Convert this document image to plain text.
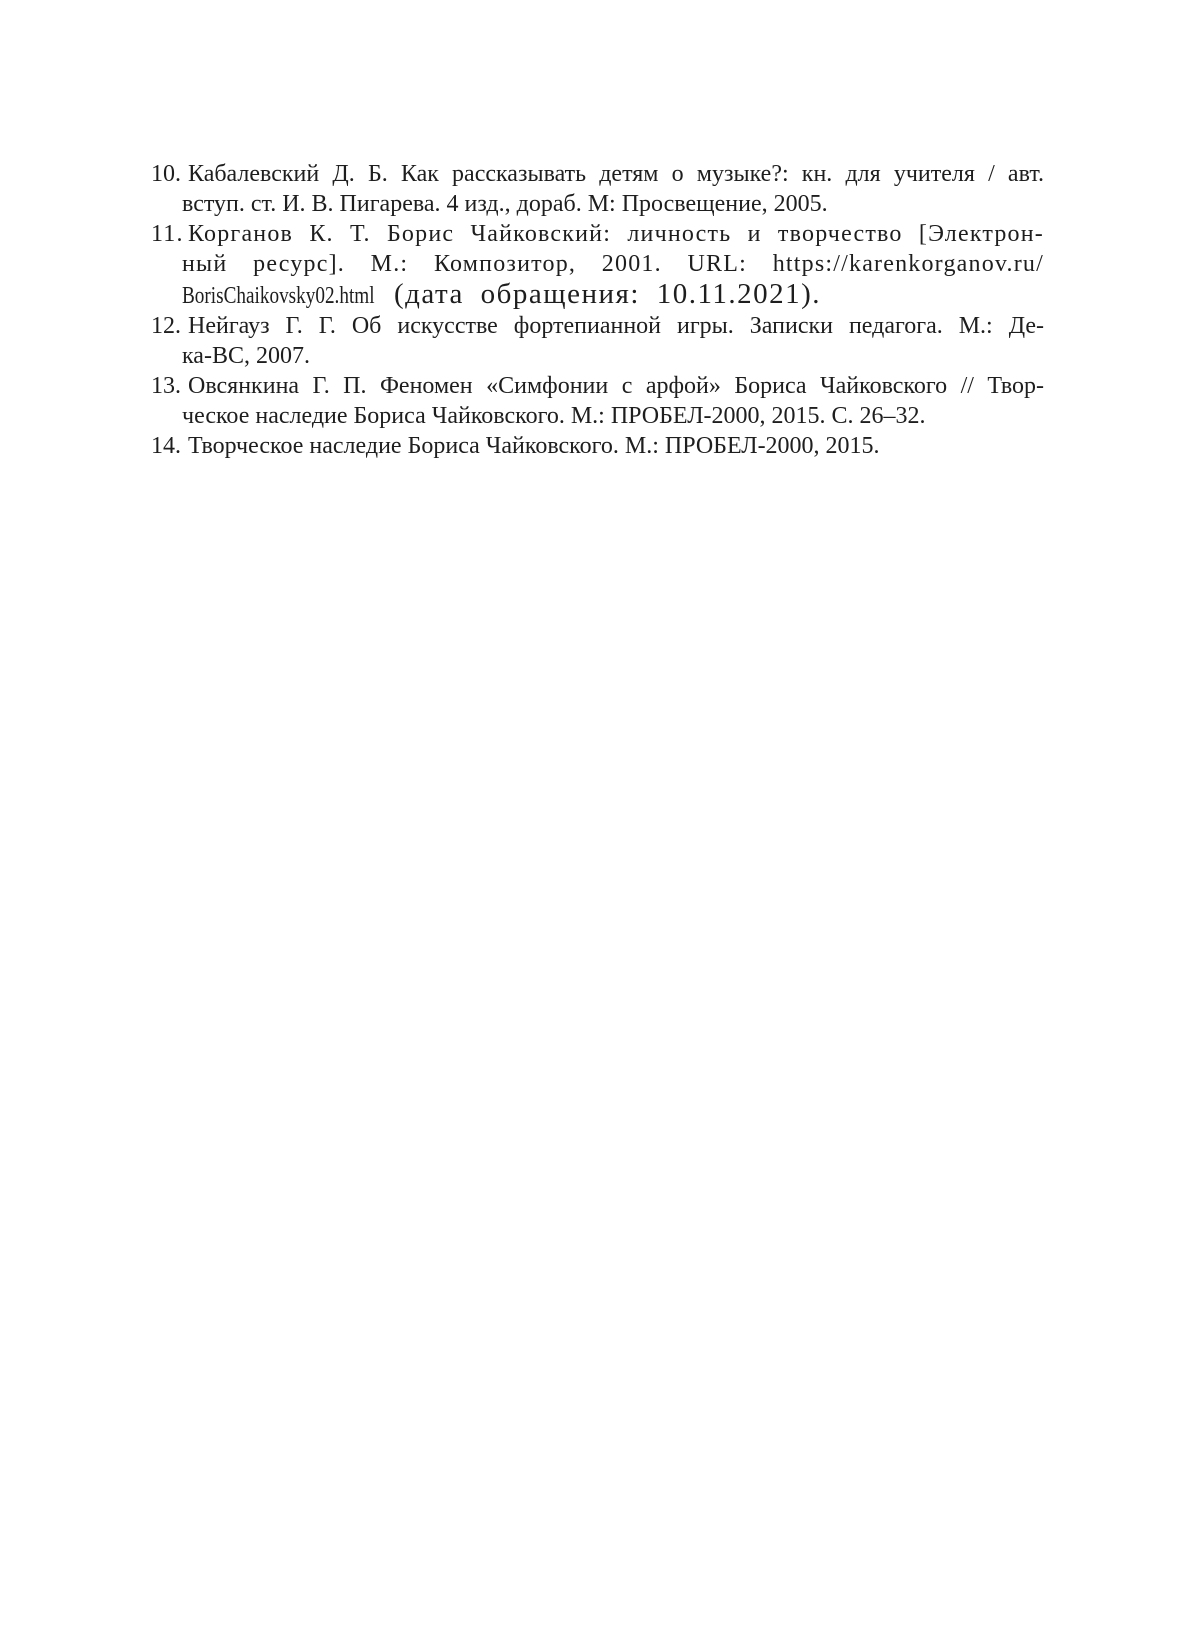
10. Кабалевский Д. Б. Как рассказывать детям о музыке?: кн. для учителя / авт.
вступ. ст. И. В. Пигарева. 4 изд., дораб. М: Просвещение, 2005.
11. Корганов К. Т. Борис Чайковский: личность и творчество [Электрон-
ный ресурс]. М.: Композитор, 2001. URL: https://karenkorganov.ru/
BorisChaikovsky02.html (дата обращения: 10.11.2021).
12. Нейгауз Г. Г. Об искусстве фортепианной игры. Записки педагога. М.: Де-
ка-ВС, 2007.
13. Овсянкина Г. П. Феномен «Симфонии с арфой» Бориса Чайковского // Твор-
ческое наследие Бориса Чайковского. М.: ПРОБЕЛ-2000, 2015. С. 26–32.
14. Творческое наследие Бориса Чайковского. М.: ПРОБЕЛ-2000, 2015.
